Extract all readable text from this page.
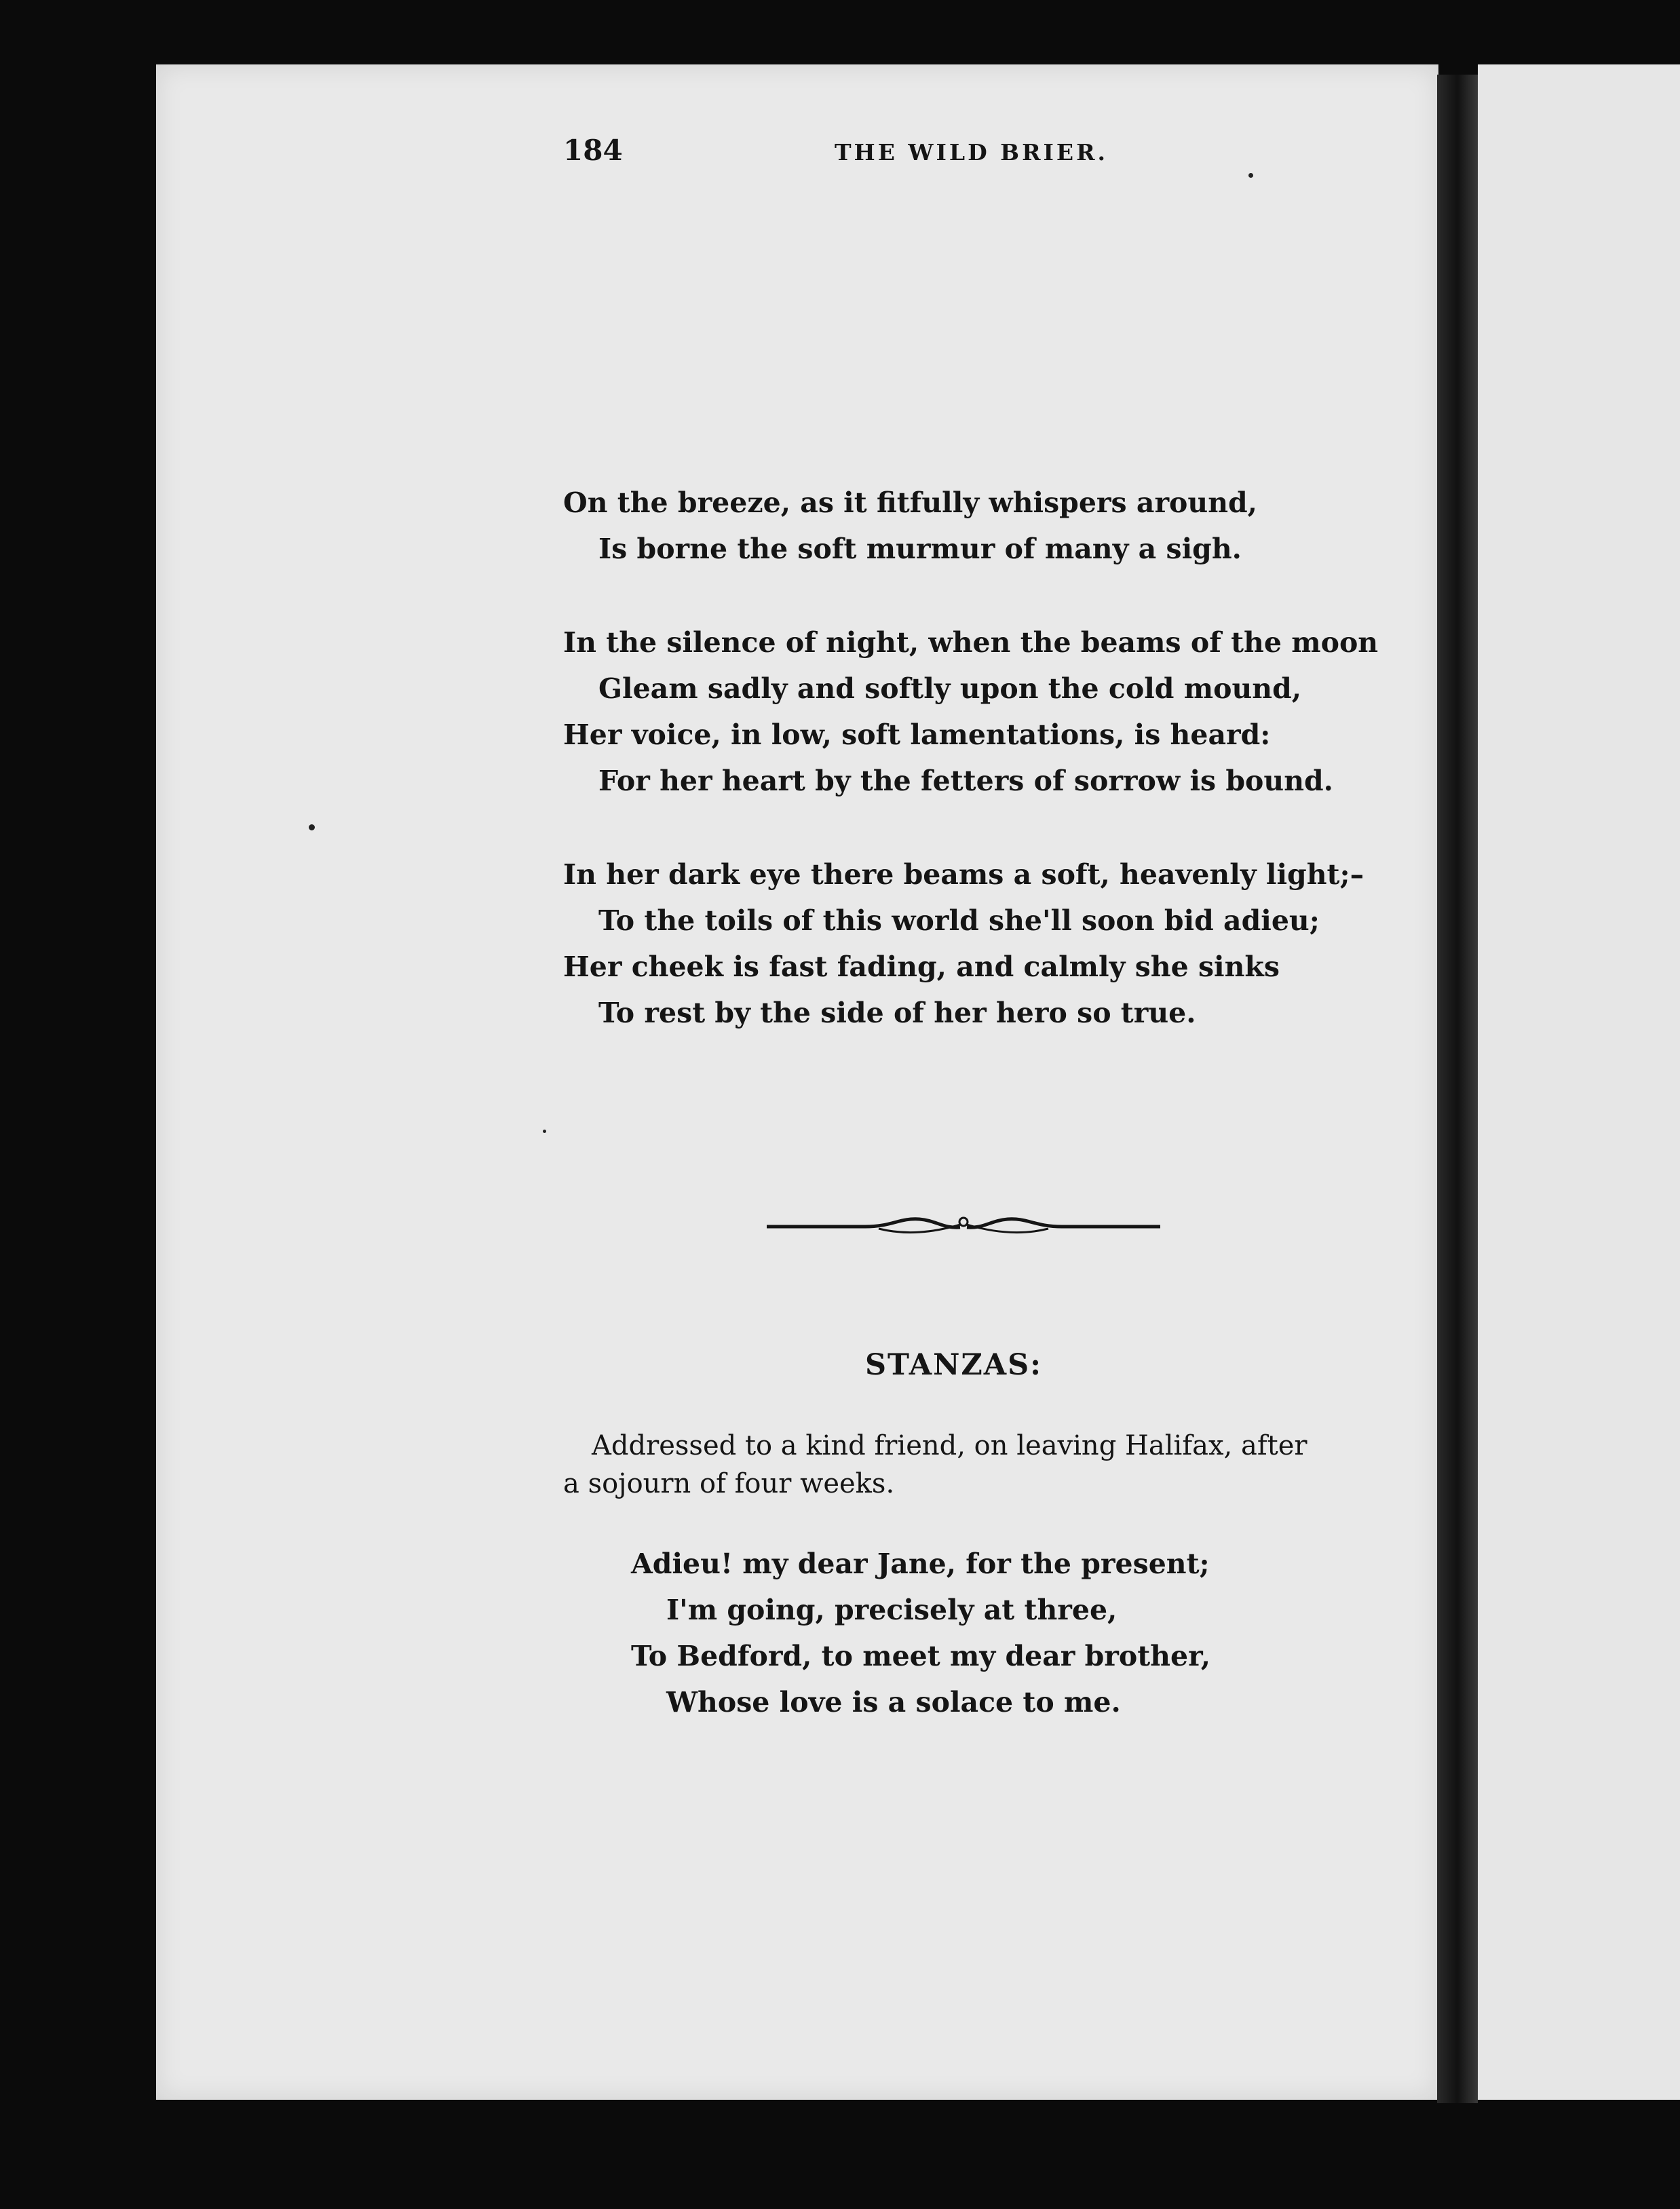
184	THE WILD BRIER.
On the breeze, as it fitfully whispers around,
Is borne the soft murmur of many a sigh.
In the silence of night, when the beams of the moon
Gleam sadly and softly upon the cold mound,
Her voice, in low, soft lamentations, is heard:
For her heart by the fetters of sorrow is bound.
In her dark eye there beams a soft, heavenly light;–
To the toils of this world she'll soon bid adieu;
Her cheek is fast fading, and calmly she sinks
To rest by the side of her hero so true.
STANZAS:
Addressed to a kind friend, on leaving Halifax, after
a sojourn of four weeks.
Adieu! my dear Jane, for the present;
I'm going, precisely at three,
To Bedford, to meet my dear brother,
Whose love is a solace to me.
